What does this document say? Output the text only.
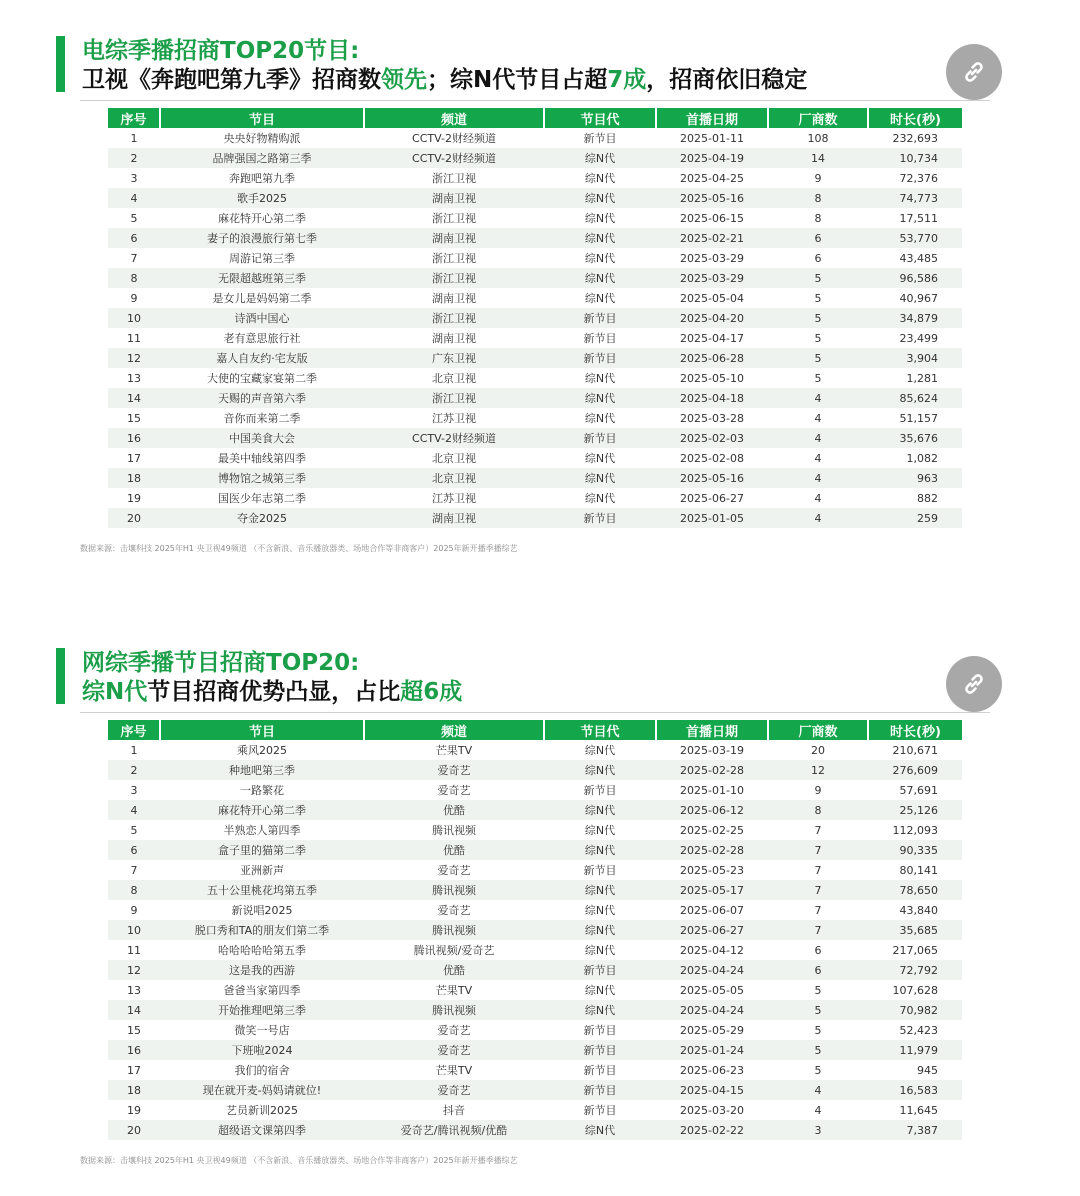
电综季播招商TOP20节目:
卫视《奔跑吧第九季》招商数领先；综N代节目占超7成，招商依旧稳定
序号	节目	频道	节目代	首播日期	厂商数	时长(秒)
1	央央好物精购派	CCTV-2财经频道	新节目	2025-01-11	108	232,693
2	品牌强国之路第三季	CCTV-2财经频道	综N代	2025-04-19	14	10,734
3	奔跑吧第九季	浙江卫视	综N代	2025-04-25	9	72,376
4	歌手2025	湖南卫视	综N代	2025-05-16	8	74,773
5	麻花特开心第二季	浙江卫视	综N代	2025-06-15	8	17,511
6	妻子的浪漫旅行第七季	湖南卫视	综N代	2025-02-21	6	53,770
7	周游记第三季	浙江卫视	综N代	2025-03-29	6	43,485
8	无限超越班第三季	浙江卫视	综N代	2025-03-29	5	96,586
9	是女儿是妈妈第二季	湖南卫视	综N代	2025-05-04	5	40,967
10	诗酒中国心	浙江卫视	新节目	2025-04-20	5	34,879
11	老有意思旅行社	湖南卫视	新节目	2025-04-17	5	23,499
12	嘉人自友约·宅友版	广东卫视	新节目	2025-06-28	5	3,904
13	大使的宝藏家宴第二季	北京卫视	综N代	2025-05-10	5	1,281
14	天赐的声音第六季	浙江卫视	综N代	2025-04-18	4	85,624
15	音你而来第二季	江苏卫视	综N代	2025-03-28	4	51,157
16	中国美食大会	CCTV-2财经频道	新节目	2025-02-03	4	35,676
17	最美中轴线第四季	北京卫视	综N代	2025-02-08	4	1,082
18	博物馆之城第三季	北京卫视	综N代	2025-05-16	4	963
19	国医少年志第二季	江苏卫视	综N代	2025-06-27	4	882
20	夺金2025	湖南卫视	新节目	2025-01-05	4	259
数据来源：击壤科技 2025年H1 央卫视49频道 （不含新浪、音乐播放器类、场地合作等非商客户）2025年新开播季播综艺
网综季播节目招商TOP20:
综N代节目招商优势凸显，占比超6成
序号	节目	频道	节目代	首播日期	厂商数	时长(秒)
1	乘风2025	芒果TV	综N代	2025-03-19	20	210,671
2	种地吧第三季	爱奇艺	综N代	2025-02-28	12	276,609
3	一路繁花	爱奇艺	新节目	2025-01-10	9	57,691
4	麻花特开心第二季	优酷	综N代	2025-06-12	8	25,126
5	半熟恋人第四季	腾讯视频	综N代	2025-02-25	7	112,093
6	盒子里的猫第二季	优酷	综N代	2025-02-28	7	90,335
7	亚洲新声	爱奇艺	新节目	2025-05-23	7	80,141
8	五十公里桃花坞第五季	腾讯视频	综N代	2025-05-17	7	78,650
9	新说唱2025	爱奇艺	综N代	2025-06-07	7	43,840
10	脱口秀和TA的朋友们第二季	腾讯视频	综N代	2025-06-27	7	35,685
11	哈哈哈哈哈第五季	腾讯视频/爱奇艺	综N代	2025-04-12	6	217,065
12	这是我的西游	优酷	新节目	2025-04-24	6	72,792
13	爸爸当家第四季	芒果TV	综N代	2025-05-05	5	107,628
14	开始推理吧第三季	腾讯视频	综N代	2025-04-24	5	70,982
15	微笑一号店	爱奇艺	新节目	2025-05-29	5	52,423
16	下班啦2024	爱奇艺	新节目	2025-01-24	5	11,979
17	我们的宿舍	芒果TV	新节目	2025-06-23	5	945
18	现在就开麦-妈妈请就位!	爱奇艺	新节目	2025-04-15	4	16,583
19	艺员新训2025	抖音	新节目	2025-03-20	4	11,645
20	超级语文课第四季	爱奇艺/腾讯视频/优酷	综N代	2025-02-22	3	7,387
数据来源：击壤科技 2025年H1 央卫视49频道 （不含新浪、音乐播放器类、场地合作等非商客户）2025年新开播季播综艺
